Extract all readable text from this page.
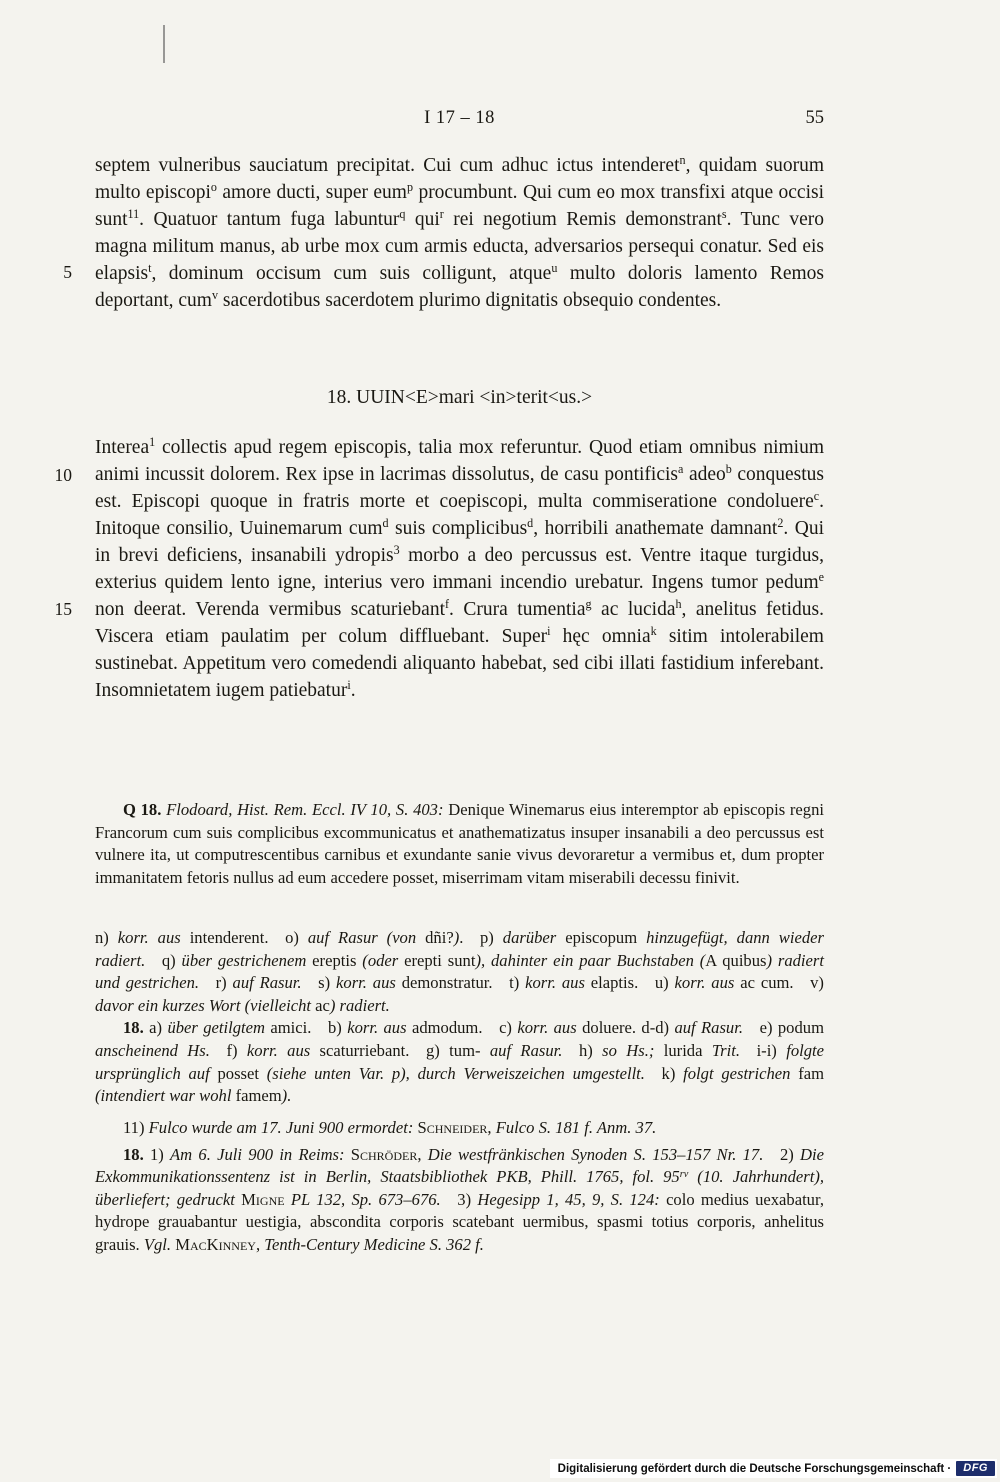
I 17 – 18	55
5
10
15

septem vulneribus sauciatum precipitat. Cui cum adhuc ictus intenderet$^n$, quidam suorum multo episcopi$^o$ amore ducti, super eum$^p$ procumbunt. Qui cum eo mox transfixi atque occisi sunt$^{11}$. Quatuor tantum fuga labuntur$^q$ qui$^r$ rei negotium Remis demonstrant$^s$. Tunc vero magna militum manus, ab urbe mox cum armis educta, adversarios persequi conatur. Sed eis elapsis$^t$, dominum occisum cum suis colligunt, atque$^u$ multo doloris lamento Remos deportant, cum$^v$ sacerdotibus sacerdotem plurimo dignitatis obsequio condentes.

18. UUIN<E>mari <in>terit<us.>

Interea$^1$ collectis apud regem episcopis, talia mox referuntur. Quod etiam omnibus nimium animi incussit dolorem. Rex ipse in lacrimas dissolutus, de casu pontificis$^a$ adeo$^b$ conquestus est. Episcopi quoque in fratris morte et coepiscopi, multa commiseratione condoluere$^c$. Initoque consilio, Uuinemarum cum$^d$ suis complicibus$^d$, horribili anathemate damnant$^2$. Qui in brevi deficiens, insanabili ydropis$^3$ morbo a deo percussus est. Ventre itaque turgidus, exterius quidem lento igne, interius vero immani incendio urebatur. Ingens tumor pedum$^e$ non deerat. Verenda vermibus scaturiebant$^f$. Crura tumentia$^g$ ac lucida$^h$, anelitus fetidus. Viscera etiam paulatim per colum diffluebant. Super$^i$ hęc omnia$^k$ sitim intolerabilem sustinebat. Appetitum vero comedendi aliquanto habebat, sed cibi illati fastidium inferebant. Insomnietatem iugem patiebatur$^i$.

Q 18. Flodoard, Hist. Rem. Eccl. IV 10, S. 403: Denique Winemarus eius interemptor ab episcopis regni Francorum cum suis complicibus excommunicatus et anathematizatus insuper insanabili a deo percussus est vulnere ita, ut computrescentibus carnibus et exundante sanie vivus devoraretur a vermibus et, dum propter immanitatem fetoris nullus ad eum accedere posset, miserrimam vitam miserabili decessu finivit.

n) korr. aus intenderent. o) auf Rasur (von dñi?). p) darüber episcopum hinzugefügt, dann wieder radiert. q) über gestrichenem ereptis (oder erepti sunt), dahinter ein paar Buchstaben (A quibus) radiert und gestrichen. r) auf Rasur. s) korr. aus demonstratur. t) korr. aus elaptis. u) korr. aus ac cum. v) davor ein kurzes Wort (vielleicht ac) radiert.

18. a) über getilgtem amici. b) korr. aus admodum. c) korr. aus doluere. d-d) auf Rasur. e) podum anscheinend Hs. f) korr. aus scaturriebant. g) tum- auf Rasur. h) so Hs.; lurida Trit. i-i) folgte ursprünglich auf posset (siehe unten Var. p), durch Verweiszeichen umgestellt. k) folgt gestrichen fam (intendiert war wohl famem).

11) Fulco wurde am 17. Juni 900 ermordet: Schneider, Fulco S. 181 f. Anm. 37.

18. 1) Am 6. Juli 900 in Reims: Schröder, Die westfränkischen Synoden S. 153–157 Nr. 17. 2) Die Exkommunikationssentenz ist in Berlin, Staatsbibliothek PKB, Phill. 1765, fol. $95^{rv}$ (10. Jahrhundert), überliefert; gedruckt Migne PL 132, Sp. 673–676. 3) Hegesipp 1, 45, 9, S. 124: colo medius uexabatur, hydrope grauabantur uestigia, abscondita corporis scatebant uermibus, spasmi totius corporis, anhelitus grauis. Vgl. MacKinney, Tenth-Century Medicine S. 362 f.

Digitalisierung gefördert durch die Deutsche Forschungsgemeinschaft ·	DFG
